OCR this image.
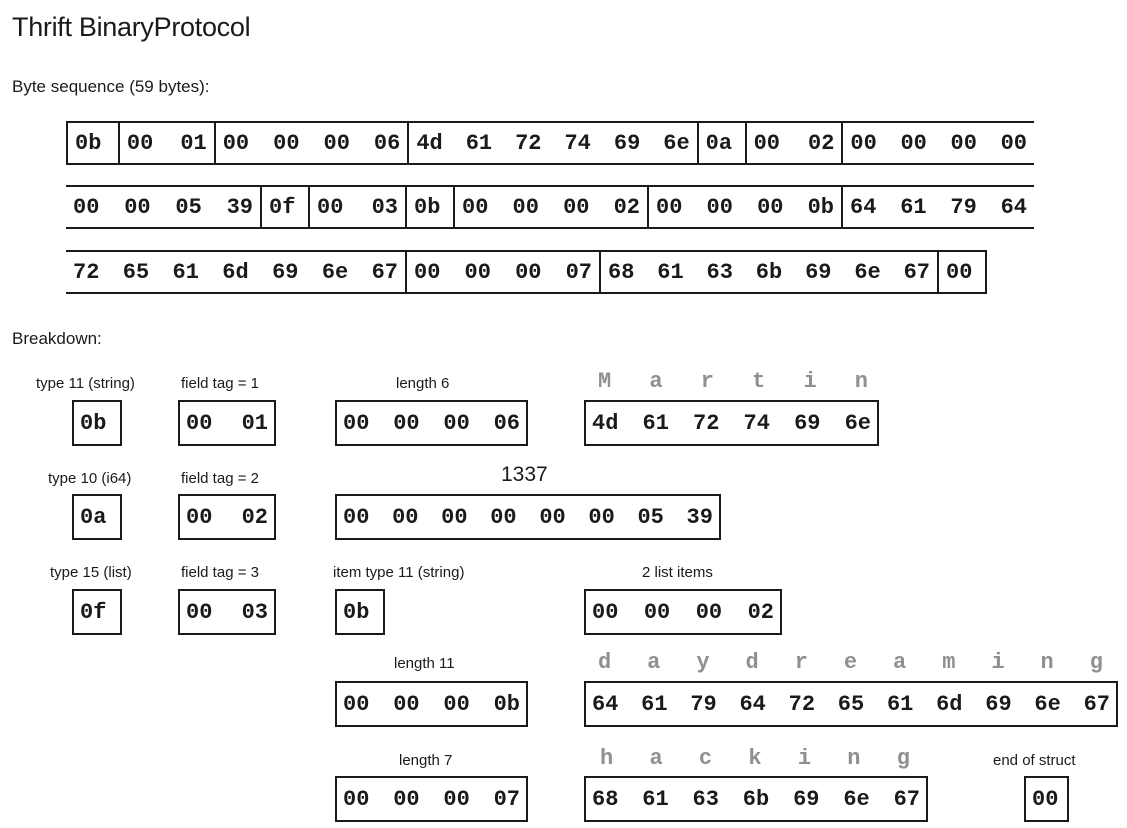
Thrift BinaryProtocol
Byte sequence (59 bytes):
0b 00 01 00 00 00 06 4d 61 72 74 69 6e 0a 00 02 00 00 00 00
00 00 05 39 0f 00 03 0b 00 00 00 02 00 00 00 0b 64 61 79 64
72 65 61 6d 69 6e 67 00 00 00 07 68 61 63 6b 69 6e 67 00
Breakdown:
type 11 (string)	field tag = 1	length 6	M a r t i n
0b	00 01	00 00 00 06	4d 61 72 74 69 6e
type 10 (i64)	field tag = 2	1337
0a	00 02	00 00 00 00 00 00 05 39
type 15 (list)	field tag = 3	item type 11 (string)	2 list items
0f	00 03	0b	00 00 00 02
length 11	d a y d r e a m i n g
00 00 00 0b	64 61 79 64 72 65 61 6d 69 6e 67
length 7	h a c k i n g	end of struct
00 00 00 07	68 61 63 6b 69 6e 67	00
